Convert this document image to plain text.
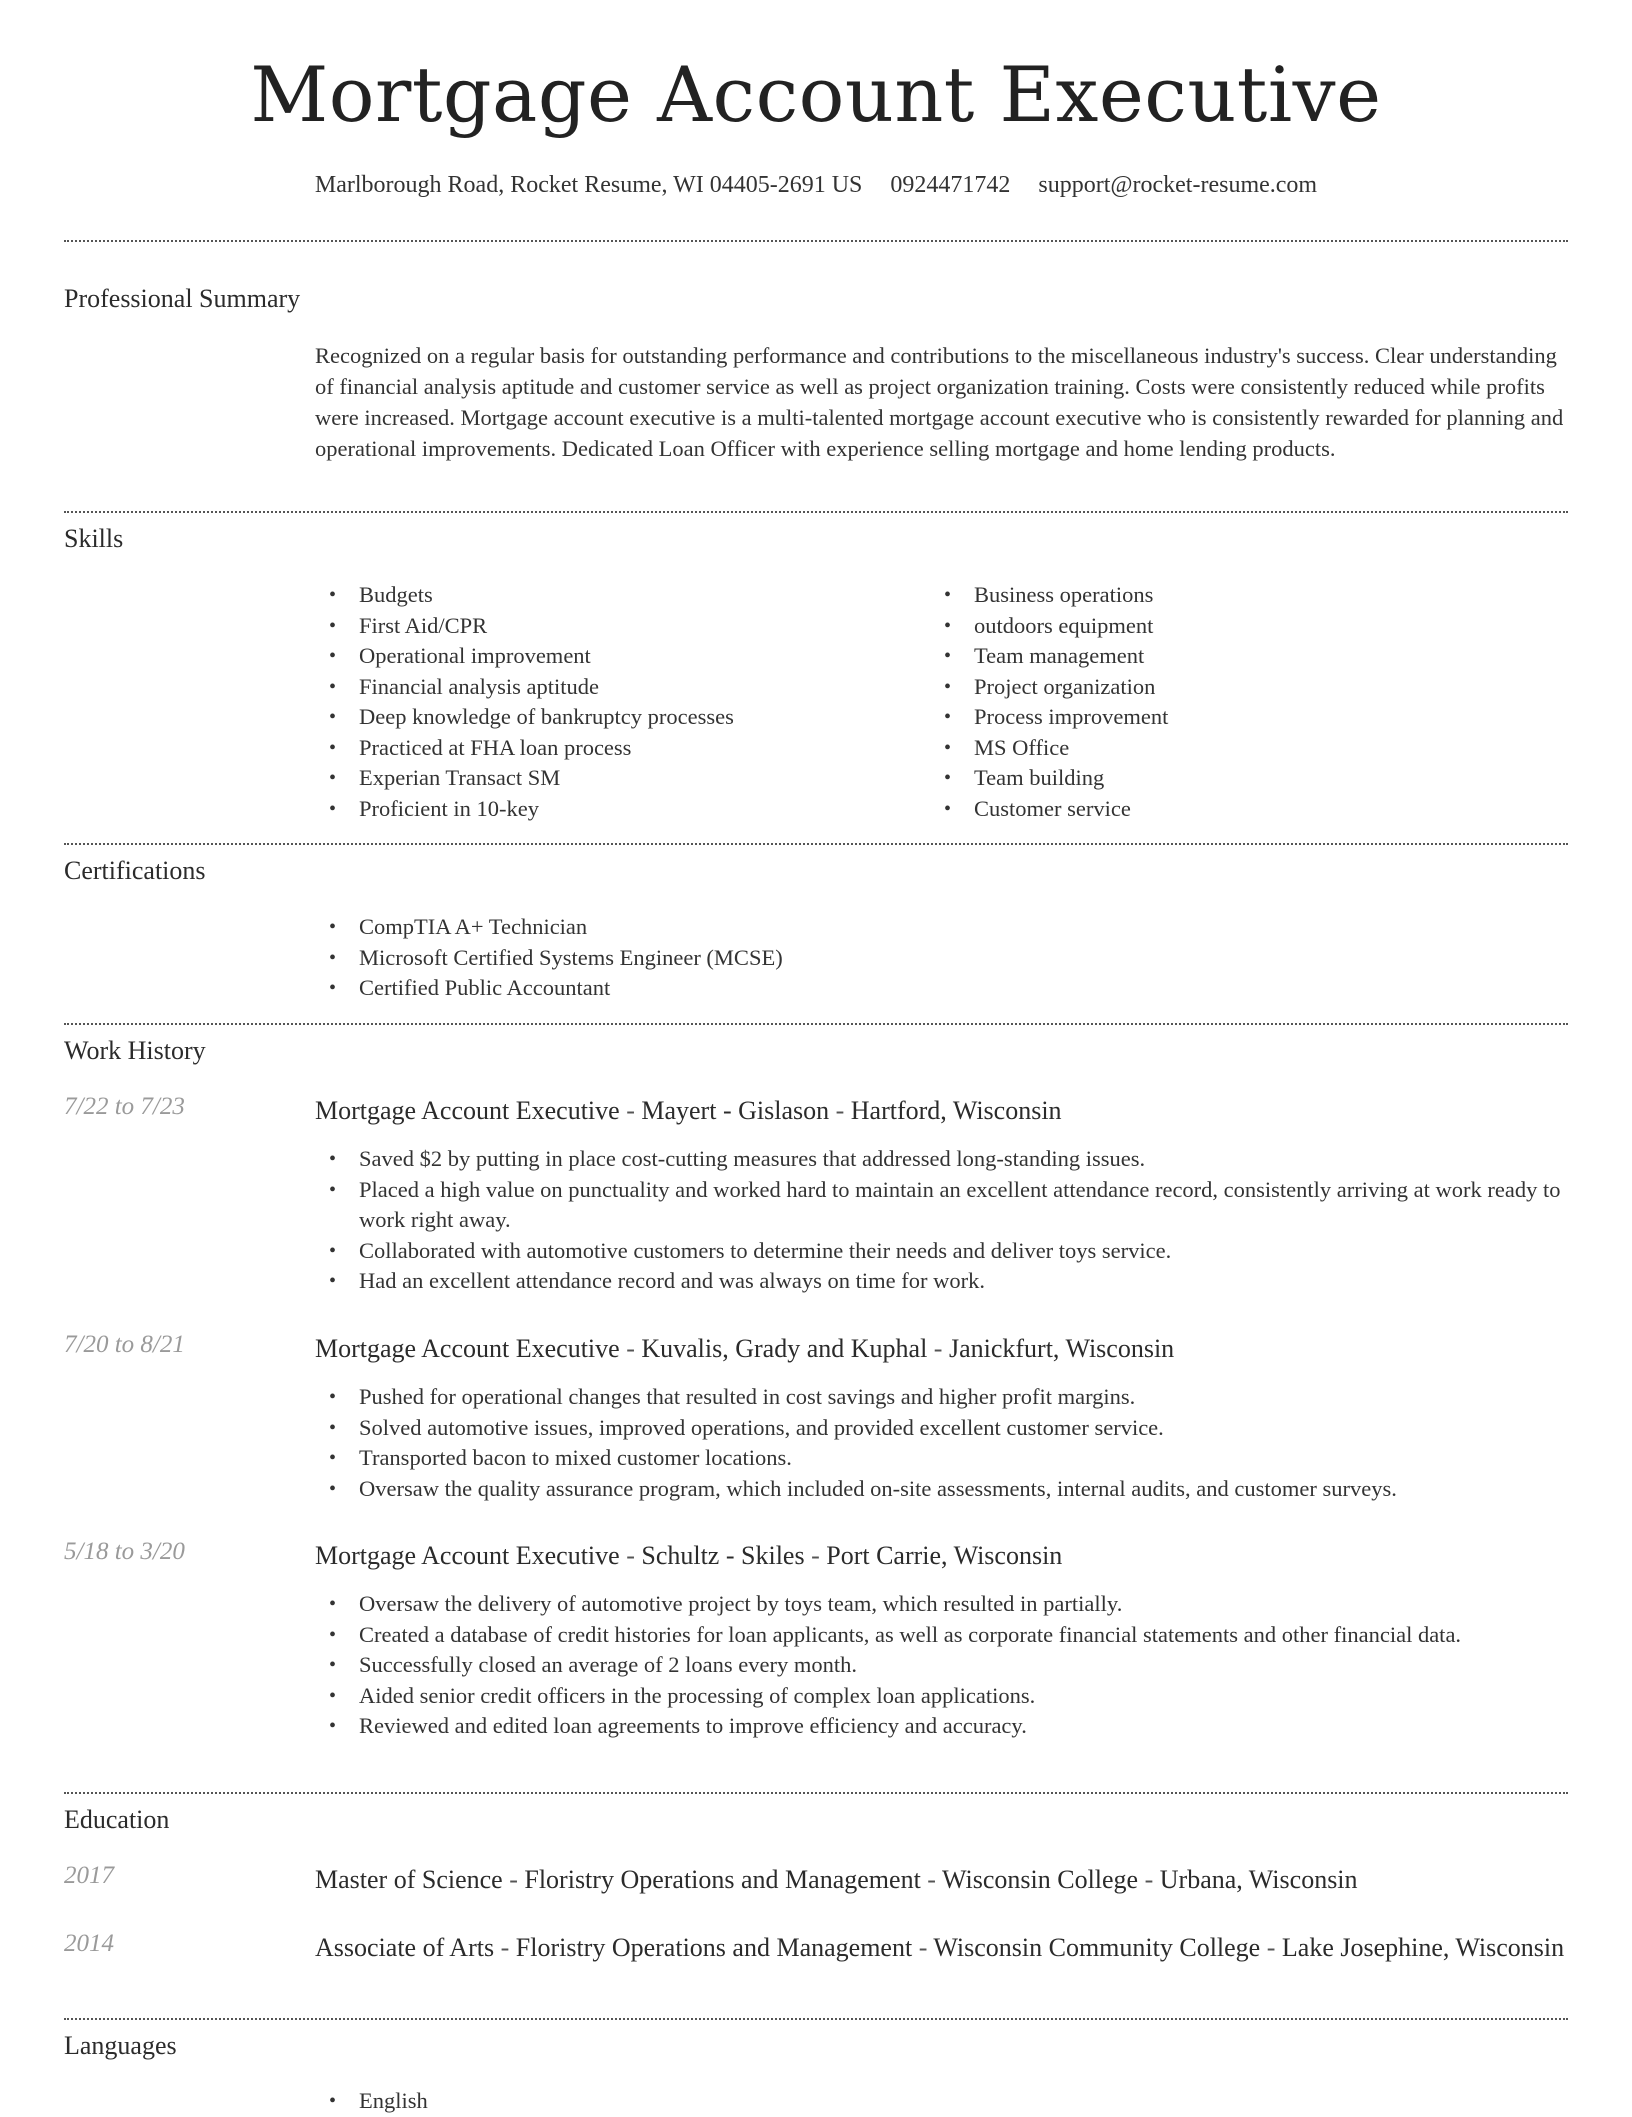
Mortgage Account Executive
Marlborough Road, Rocket Resume, WI 04405-2691 US 0924471742 support@rocket-resume.com
Professional Summary

Recognized on a regular basis for outstanding performance and contributions to the miscellaneous industry's success. Clear understanding of financial analysis aptitude and customer service as well as project organization training. Costs were consistently reduced while profits were increased. Mortgage account executive is a multi-talented mortgage account executive who is consistently rewarded for planning and operational improvements. Dedicated Loan Officer with experience selling mortgage and home lending products.

Skills
• Budgets
• First Aid/CPR
• Operational improvement
• Financial analysis aptitude
• Deep knowledge of bankruptcy processes
• Practiced at FHA loan process
• Experian Transact SM
• Proficient in 10-key
• Business operations
• outdoors equipment
• Team management
• Project organization
• Process improvement
• MS Office
• Team building
• Customer service
Certifications
• CompTIA A+ Technician
• Microsoft Certified Systems Engineer (MCSE)
• Certified Public Accountant
Work History
7/22 to 7/23	Mortgage Account Executive - Mayert - Gislason - Hartford, Wisconsin
• Saved $2 by putting in place cost-cutting measures that addressed long-standing issues.
• Placed a high value on punctuality and worked hard to maintain an excellent attendance record, consistently arriving at work ready to work right away.
• Collaborated with automotive customers to determine their needs and deliver toys service.
• Had an excellent attendance record and was always on time for work.
7/20 to 8/21	Mortgage Account Executive - Kuvalis, Grady and Kuphal - Janickfurt, Wisconsin
• Pushed for operational changes that resulted in cost savings and higher profit margins.
• Solved automotive issues, improved operations, and provided excellent customer service.
• Transported bacon to mixed customer locations.
• Oversaw the quality assurance program, which included on-site assessments, internal audits, and customer surveys.
5/18 to 3/20	Mortgage Account Executive - Schultz - Skiles - Port Carrie, Wisconsin
• Oversaw the delivery of automotive project by toys team, which resulted in partially.
• Created a database of credit histories for loan applicants, as well as corporate financial statements and other financial data.
• Successfully closed an average of 2 loans every month.
• Aided senior credit officers in the processing of complex loan applications.
• Reviewed and edited loan agreements to improve efficiency and accuracy.
Education
2017	Master of Science - Floristry Operations and Management - Wisconsin College - Urbana, Wisconsin
2014	Associate of Arts - Floristry Operations and Management - Wisconsin Community College - Lake Josephine, Wisconsin
Languages
• English
